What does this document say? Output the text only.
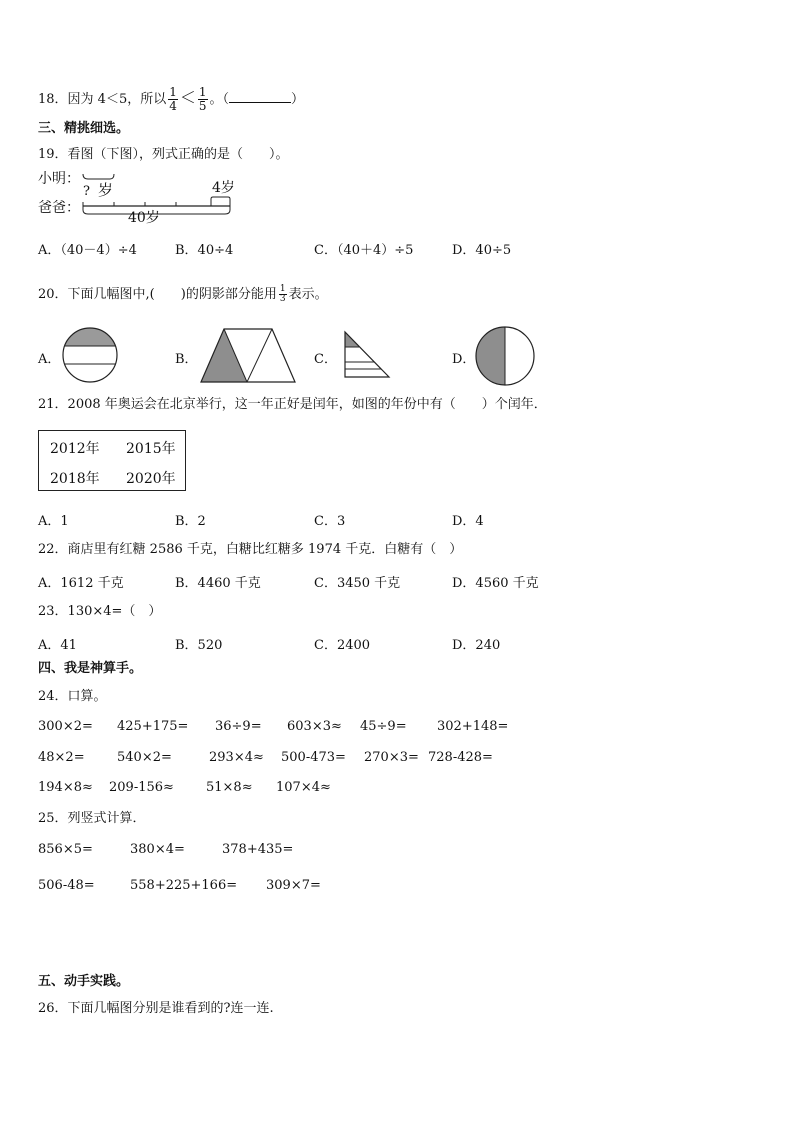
18．因为 4＜5，所以 $\frac{1}{4} < \frac{1}{5}$ 。（	）
三、精挑细选。
19．看图（下图），列式正确的是（　　）。
小明：
爸爸：
? 岁	4岁
40岁
A．（40－4）÷4	B．40÷4	C．（40＋4）÷5	D．40÷5
20．下面几幅图中,(　　)的阴影部分能用 $\frac{1}{3}$ 表示。
A．	B．	C．	D．
21．2008 年奥运会在北京举行，这一年正好是闰年，如图的年份中有（　　）个闰年．
2012年 2015年
2018年 2020年
A．1	B．2	C．3	D．4
22．商店里有红糖 2586 千克，白糖比红糖多 1974 千克．白糖有（　）
A．1612 千克	B．4460 千克	C．3450 千克	D．4560 千克
23．130×4=（　）
A．41	B．520	C．2400	D．240
四、我是神算手。
24．口算。
300×2= 425+175= 36÷9= 603×3≈ 45÷9= 302+148=
48×2= 540×2=	293×4≈ 500-473= 270×3= 728-428=
194×8≈ 209-156≈ 51×8≈ 107×4≈
25．列竖式计算．
856×5=	380×4=	378+435=
506-48=	558+225+166= 309×7=
五、动手实践。
26．下面几幅图分别是谁看到的?连一连.
